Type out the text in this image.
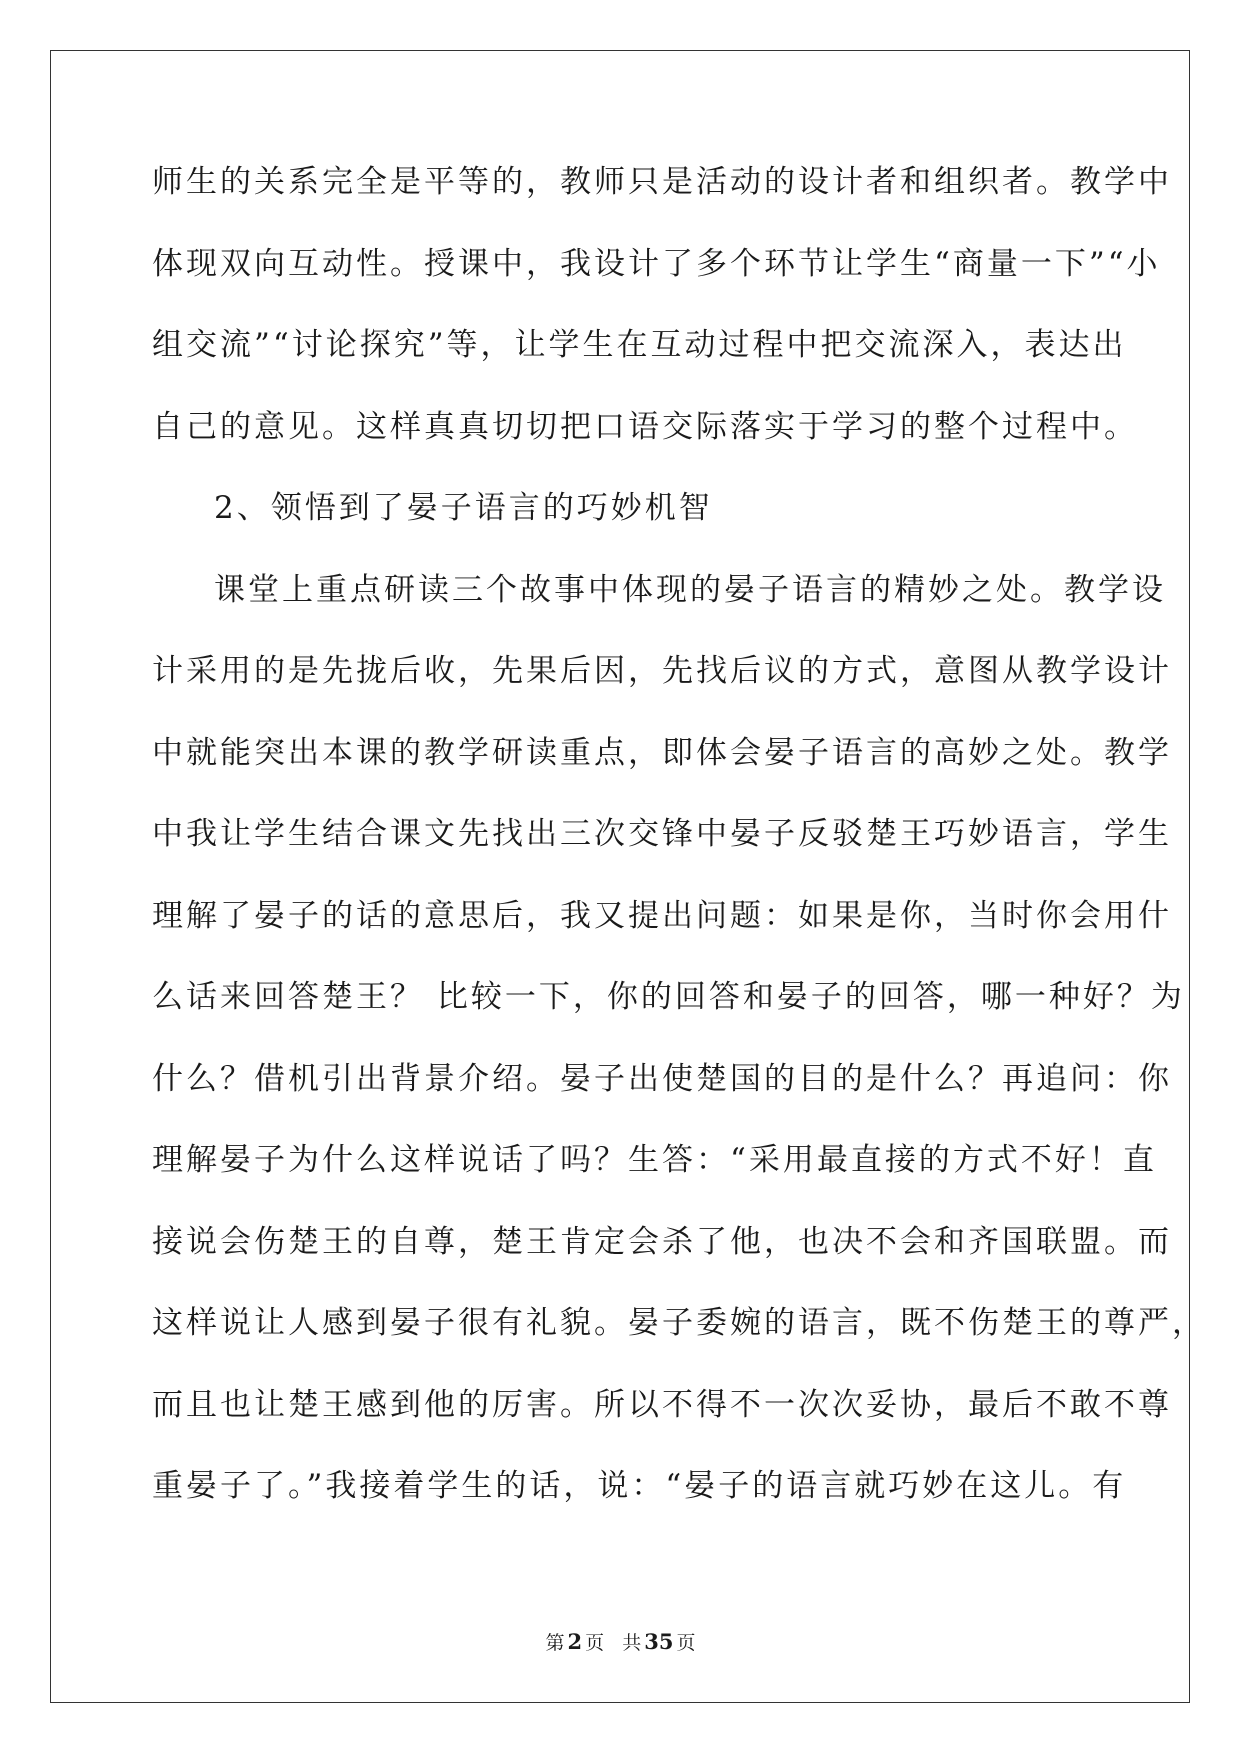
师生的关系完全是平等的，教师只是活动的设计者和组织者。教学中
体现双向互动性。授课中，我设计了多个环节让学生“商量一下”“小
组交流”“讨论探究”等，让学生在互动过程中把交流深入，表达出
自己的意见。这样真真切切把口语交际落实于学习的整个过程中。
2、领悟到了晏子语言的巧妙机智
课堂上重点研读三个故事中体现的晏子语言的精妙之处。教学设
计采用的是先拢后收，先果后因，先找后议的方式，意图从教学设计
中就能突出本课的教学研读重点，即体会晏子语言的高妙之处。教学
中我让学生结合课文先找出三次交锋中晏子反驳楚王巧妙语言，学生
理解了晏子的话的意思后，我又提出问题：如果是你，当时你会用什
么话来回答楚王？ 比较一下，你的回答和晏子的回答，哪一种好？为
什么？借机引出背景介绍。晏子出使楚国的目的是什么？再追问：你
理解晏子为什么这样说话了吗？生答：“采用最直接的方式不好！直
接说会伤楚王的自尊，楚王肯定会杀了他，也决不会和齐国联盟。而
这样说让人感到晏子很有礼貌。晏子委婉的语言，既不伤楚王的尊严，
而且也让楚王感到他的厉害。所以不得不一次次妥协，最后不敢不尊
重晏子了。”我接着学生的话，说：“晏子的语言就巧妙在这儿。有
第 2 页 共 35 页
